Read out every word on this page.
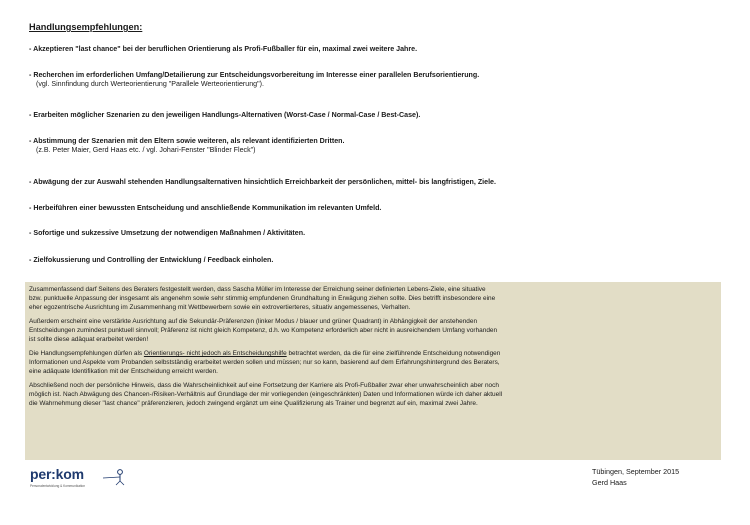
Handlungsempfehlungen:
- Akzeptieren "last chance" bei der beruflichen Orientierung als Profi-Fußballer für ein, maximal zwei weitere Jahre.
- Recherchen im erforderlichen Umfang/Detailierung zur Entscheidungsvorbereitung im Interesse einer parallelen Berufsorientierung.
(vgl. Sinnfindung durch Werteorientierung "Parallele Werteorientierung").
- Erarbeiten möglicher Szenarien zu den jeweiligen Handlungs-Alternativen (Worst-Case / Normal-Case / Best-Case).
- Abstimmung der Szenarien mit den Eltern sowie weiteren, als relevant identifizierten Dritten.
(z.B. Peter Maier, Gerd Haas etc. / vgl. Johari-Fenster "Blinder Fleck")
- Abwägung der zur Auswahl stehenden Handlungsalternativen hinsichtlich Erreichbarkeit der persönlichen, mittel- bis langfristigen, Ziele.
- Herbeiführen einer bewussten Entscheidung und anschließende Kommunikation im relevanten Umfeld.
- Sofortige und sukzessive Umsetzung der notwendigen Maßnahmen / Aktivitäten.
- Zielfokussierung und Controlling der Entwicklung / Feedback einholen.

Zusammenfassend darf Seitens des Beraters festgestellt werden, dass Sascha Müller im Interesse der Erreichung seiner definierten Lebens-Ziele, eine situative
bzw. punktuelle Anpassung der insgesamt als angenehm sowie sehr stimmig empfundenen Grundhaltung in Erwägung ziehen sollte. Dies betrifft insbesondere eine
eher egozentrische Ausrichtung im Zusammenhang mit Wettbewerbern sowie ein extrovertierteres, situativ angemessenes, Verhalten.

Außerdem erscheint eine verstärkte Ausrichtung auf die Sekundär-Präferenzen (linker Modus / blauer und grüner Quadrant) in Abhängigkeit der anstehenden
Entscheidungen zumindest punktuell sinnvoll; Präferenz ist nicht gleich Kompetenz, d.h. wo Kompetenz erforderlich aber nicht in ausreichendem Umfang vorhanden
ist sollte diese adäquat erarbeitet werden!

Die Handlungsempfehlungen dürfen als Orientierungs- nicht jedoch als Entscheidungshilfe betrachtet werden, da die für eine zielführende Entscheidung notwendigen
Informationen und Aspekte vom Probanden selbstständig erarbeitet werden sollen und müssen; nur so kann, basierend auf dem Erfahrungshintergrund des Beraters,
eine adäquate Identifikation mit der Entscheidung erreicht werden.

Abschließend noch der persönliche Hinweis, dass die Wahrscheinlichkeit auf eine Fortsetzung der Karriere als Profi-Fußballer zwar eher unwahrscheinlich aber noch
möglich ist. Nach Abwägung des Chancen-/Risiken-Verhältnis auf Grundlage der mir vorliegenden (eingeschränkten) Daten und Informationen würde ich daher aktuell
die Wahrnehmung dieser "last chance" präferenzieren, jedoch zwingend ergänzt um eine Qualifizierung als Trainer und begrenzt auf ein, maximal zwei Jahre.

per:kom
Personalentwicklung & Kommunikation
Tübingen, September 2015
Gerd Haas
